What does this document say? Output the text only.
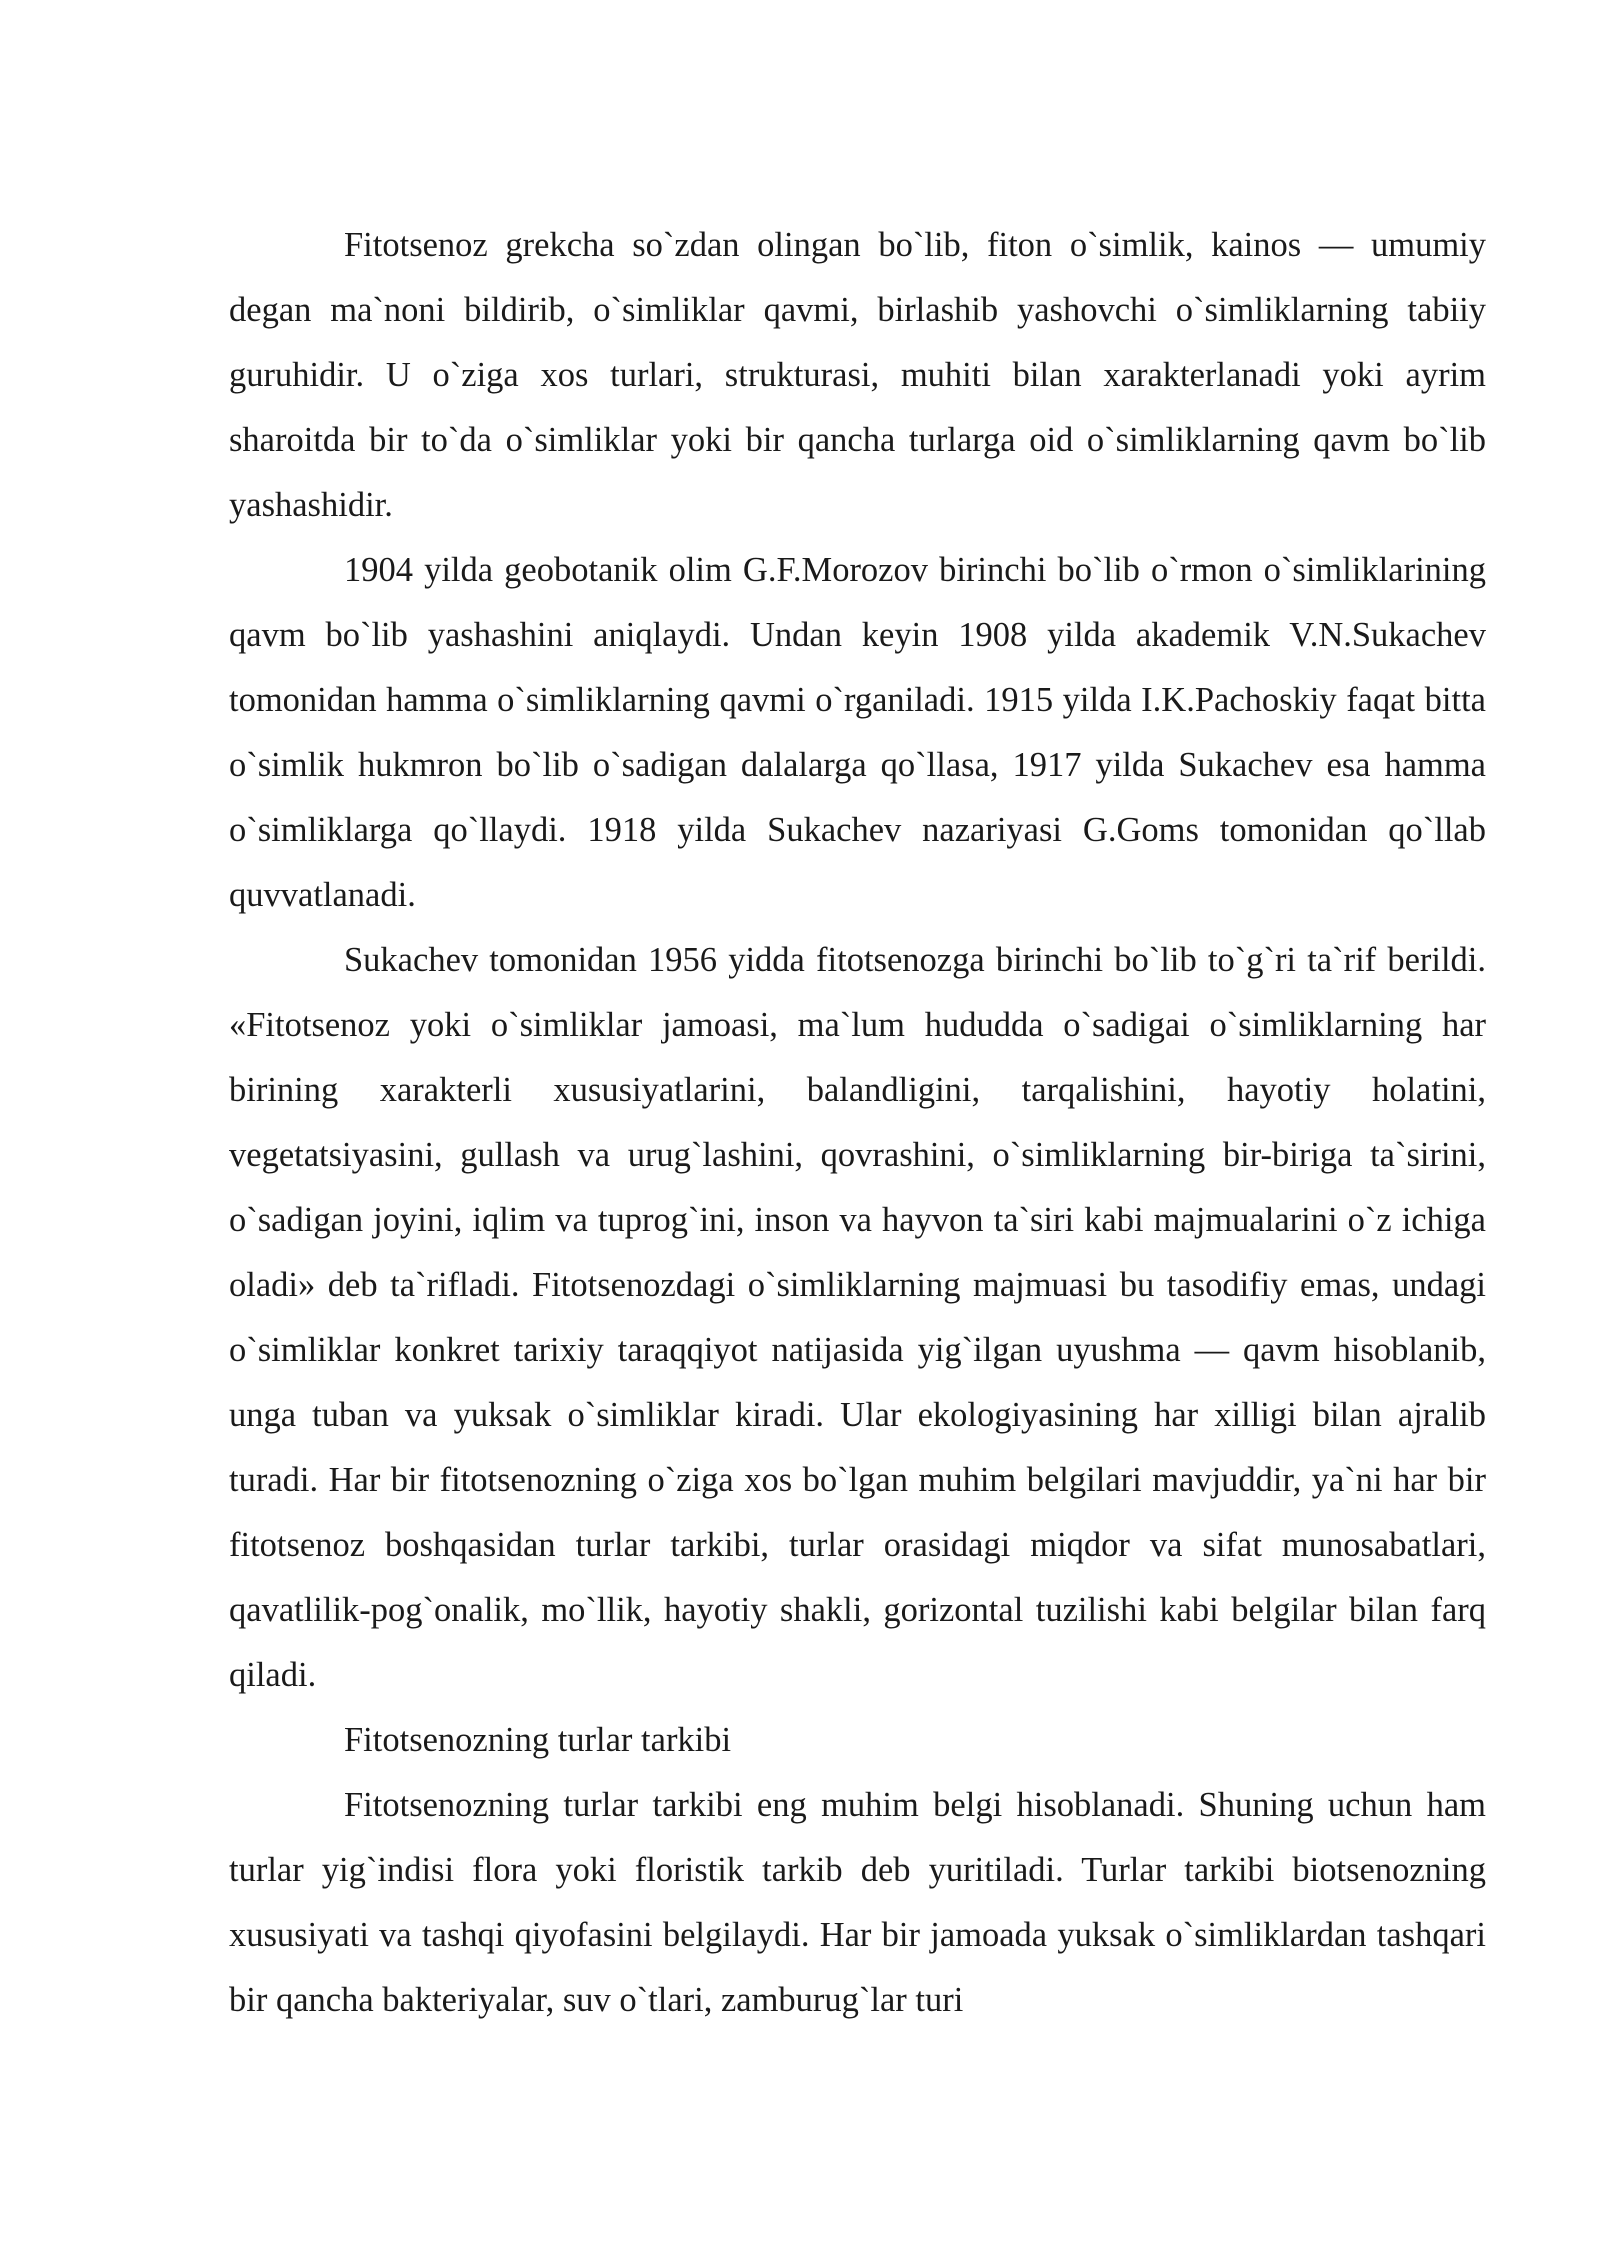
Fitotsenoz grekcha so`zdan olingan bo`lib, fiton o`simlik, kainos — umumiy degan ma`noni bildirib, o`simliklar qavmi, birlashib yashovchi o`simliklarning tabiiy guruhidir. U o`ziga xos turlari, strukturasi, muhiti bilan xarakterlanadi yoki ayrim sharoitda bir to`da o`simliklar yoki bir qancha turlarga oid o`simliklarning qavm bo`lib yashashidir.

1904 yilda geobotanik olim G.F.Morozov birinchi bo`lib o`rmon o`simliklarining qavm bo`lib yashashini aniqlaydi. Undan keyin 1908 yilda akademik V.N.Sukachev tomonidan hamma o`simliklarning qavmi o`rganiladi. 1915 yilda I.K.Pachoskiy faqat bitta o`simlik hukmron bo`lib o`sadigan dalalarga qo`llasa, 1917 yilda Sukachev esa hamma o`simliklarga qo`llaydi. 1918 yilda Sukachev nazariyasi G.Goms tomonidan qo`llab quvvatlanadi.

Sukachev tomonidan 1956 yidda fitotsenozga birinchi bo`lib to`g`ri ta`rif berildi. «Fitotsenoz yoki o`simliklar jamoasi, ma`lum hududda o`sadigai o`simliklarning har birining xarakterli xususiyatlarini, balandligini, tarqalishini, hayotiy holatini, vegetatsiyasini, gullash va urug`lashini, qovrashini, o`simliklarning bir-biriga ta`sirini, o`sadigan joyini, iqlim va tuprog`ini, inson va hayvon ta`siri kabi majmualarini o`z ichiga oladi» deb ta`rifladi. Fitotsenozdagi o`simliklarning majmuasi bu tasodifiy emas, undagi o`simliklar konkret tarixiy taraqqiyot natijasida yig`ilgan uyushma — qavm hisoblanib, unga tuban va yuksak o`simliklar kiradi. Ular ekologiyasining har xilligi bilan ajralib turadi. Har bir fitotsenozning o`ziga xos bo`lgan muhim belgilari mavjuddir, ya`ni har bir fitotsenoz boshqasidan turlar tarkibi, turlar orasidagi miqdor va sifat munosabatlari, qavatlilik-pog`onalik, mo`llik, hayotiy shakli, gorizontal tuzilishi kabi belgilar bilan farq qiladi.

Fitotsenozning turlar tarkibi

Fitotsenozning turlar tarkibi eng muhim belgi hisoblanadi. Shuning uchun ham turlar yig`indisi flora yoki floristik tarkib deb yuritiladi. Turlar tarkibi biotsenozning xususiyati va tashqi qiyofasini belgilaydi. Har bir jamoada yuksak o`simliklardan tashqari bir qancha bakteriyalar, suv o`tlari, zamburug`lar turi
